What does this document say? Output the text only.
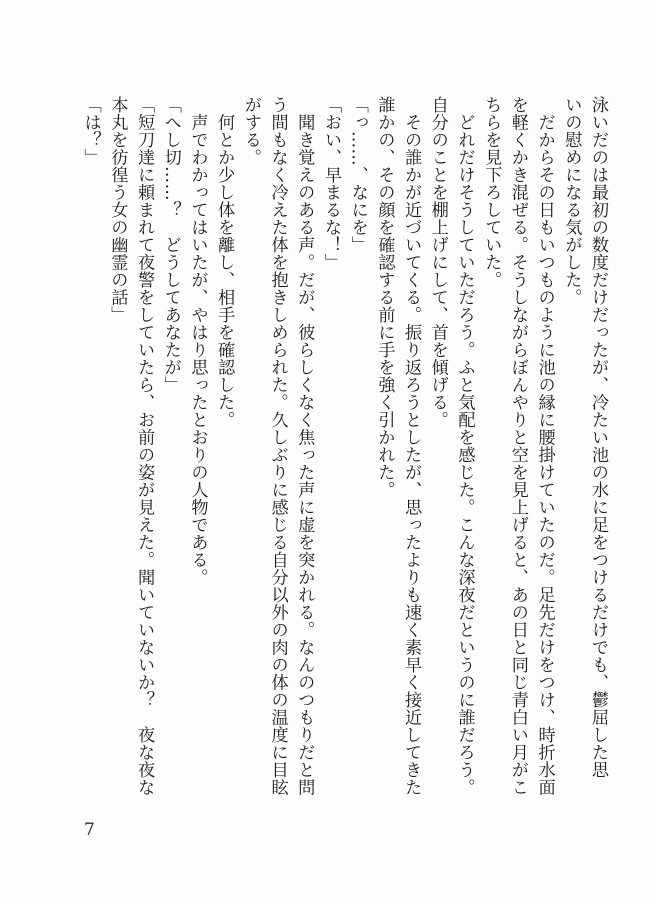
泳いだのは最初の数度だけだったが、冷たい池の水に足をつけるだけでも、鬱屈した思
いの慰めになる気がした。
　だからその日もいつものように池の縁に腰掛けていたのだ。足先だけをつけ、時折水面
を軽くかき混ぜる。そうしながらぼんやりと空を見上げると、あの日と同じ青白い月がこ
ちらを見下ろしていた。
　どれだけそうしていただろう。ふと気配を感じた。こんな深夜だというのに誰だろう。
自分のことを棚上げにして、首を傾げる。
　その誰かが近づいてくる。振り返ろうとしたが、思ったよりも速く素早く接近してきた
誰かの、その顔を確認する前に手を強く引かれた。
「っ……、なにを」
「おい、早まるな！」
　聞き覚えのある声。だが、彼らしくなく焦った声に虚を突かれる。なんのつもりだと問
う間もなく冷えた体を抱きしめられた。久しぶりに感じる自分以外の肉の体の温度に目眩
がする。
　何とか少し体を離し、相手を確認した。
　声でわかってはいたが、やはり思ったとおりの人物である。
「へし切……？　どうしてあなたが」
「短刀達に頼まれて夜警をしていたら、お前の姿が見えた。聞いていないか？　夜な夜な
本丸を彷徨う女の幽霊の話」
「は？」
7
